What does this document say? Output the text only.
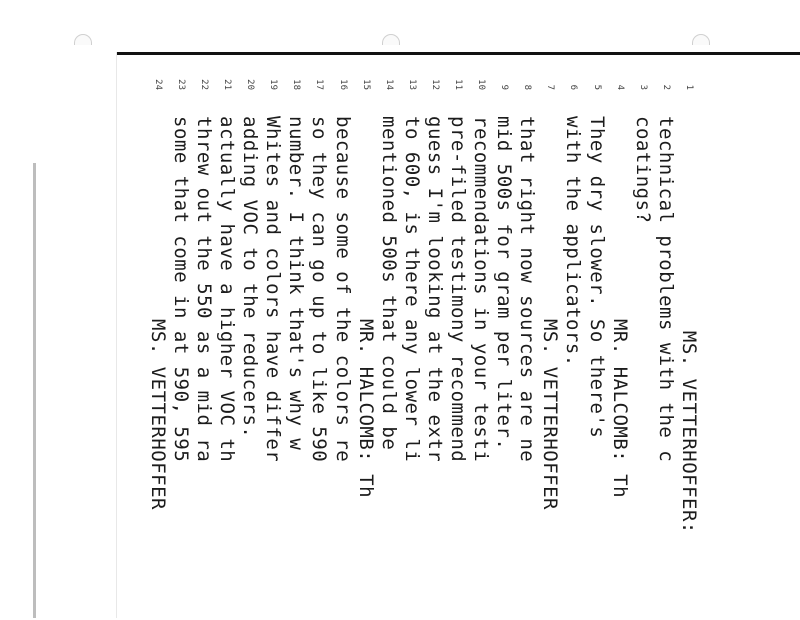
1
MS. VETTERHOFFER:
2
technical problems with the c
3
coatings?
4
MR. HALCOMB: Th
5
They dry slower. So there's
6
with the applicators.
7
MS. VETTERHOFFER
8
that right now sources are ne
9
mid 500s for gram per liter.
10
recommendations in your testi
11
pre-filed testimony recommend
12
guess I'm looking at the extr
13
to 600, is there any lower li
14
mentioned 500s that could be
15
MR. HALCOMB: Th
16
because some of the colors re
17
so they can go up to like 590
18
number. I think that's why w
19
Whites and colors have differ
20
adding VOC to the reducers.
21
actually have a higher VOC th
22
threw out the 550 as a mid ra
23
some that come in at 590, 595
24
MS. VETTERHOFFER
